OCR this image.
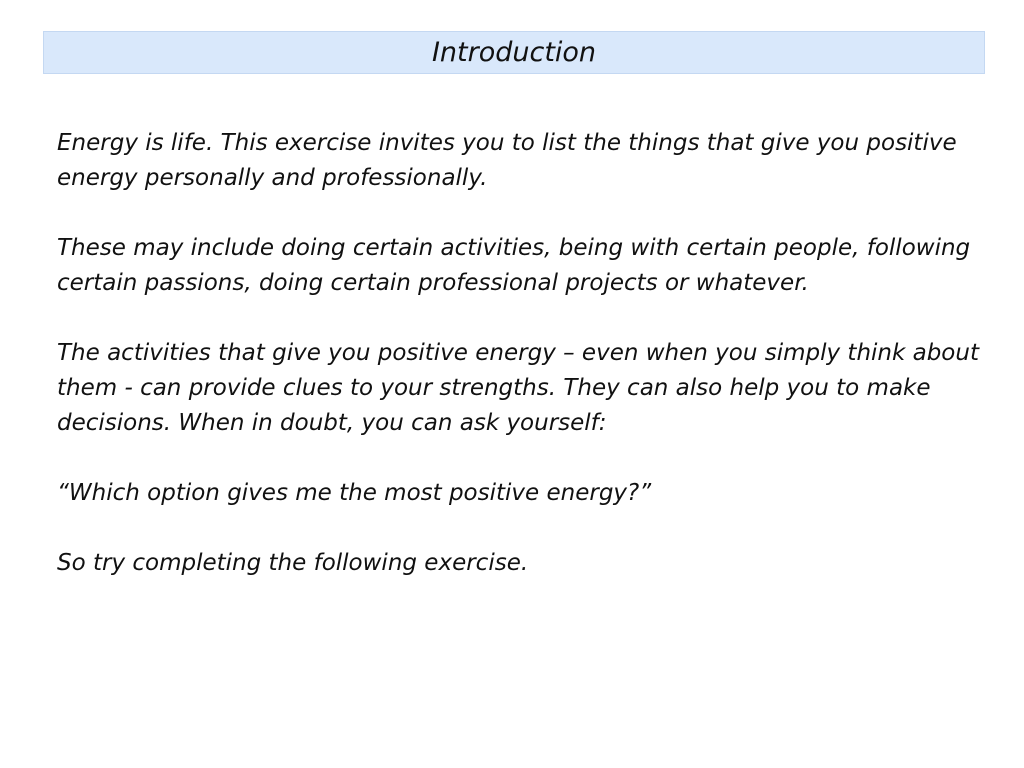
Introduction

Energy is life. This exercise invites you to list the things that give you positive energy personally and professionally.

These may include doing certain activities, being with certain people, following certain passions, doing certain professional projects or whatever.

The activities that give you positive energy – even when you simply think about them - can provide clues to your strengths. They can also help you to make decisions. When in doubt, you can ask yourself:

“Which option gives me the most positive energy?”

So try completing the following exercise.
